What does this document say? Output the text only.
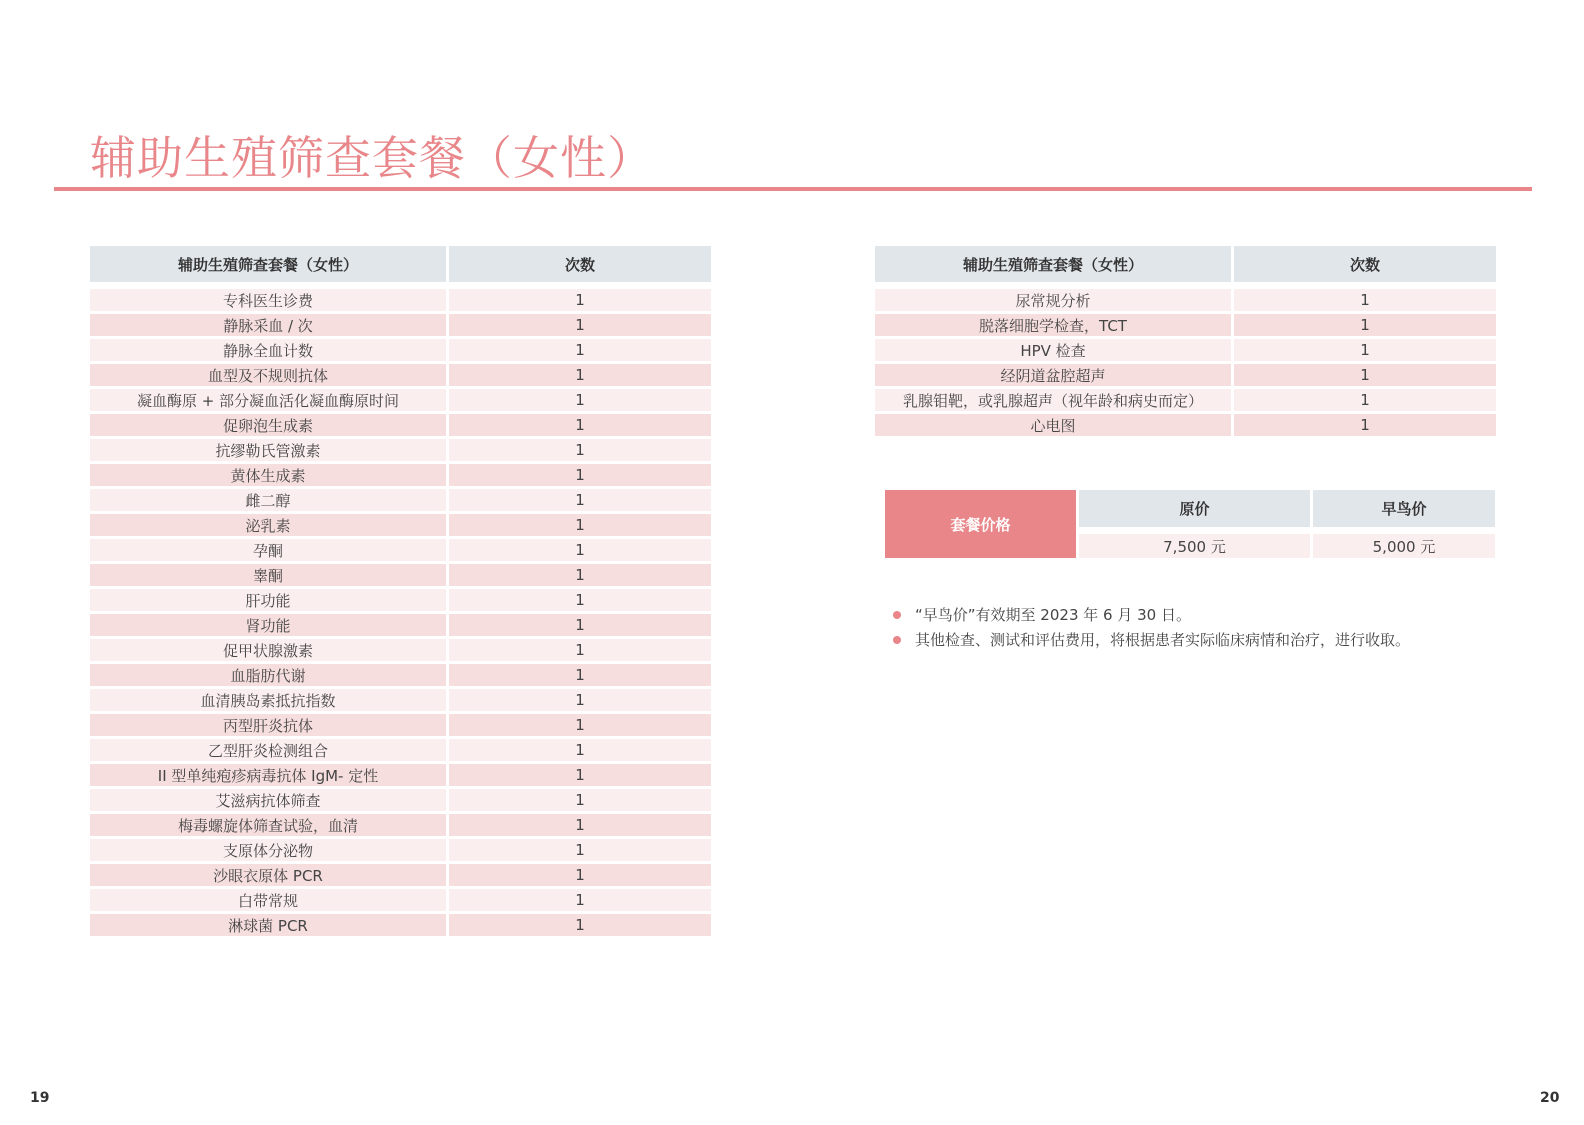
辅助生殖筛查套餐（女性）
辅助生殖筛查套餐（女性）	次数
专科医生诊费	1
静脉采血 / 次	1
静脉全血计数	1
血型及不规则抗体	1
凝血酶原 + 部分凝血活化凝血酶原时间	1
促卵泡生成素	1
抗缪勒氏管激素	1
黄体生成素	1
雌二醇	1
泌乳素	1
孕酮	1
睾酮	1
肝功能	1
肾功能	1
促甲状腺激素	1
血脂肪代谢	1
血清胰岛素抵抗指数	1
丙型肝炎抗体	1
乙型肝炎检测组合	1
II 型单纯疱疹病毒抗体 IgM- 定性	1
艾滋病抗体筛查	1
梅毒螺旋体筛查试验，血清	1
支原体分泌物	1
沙眼衣原体 PCR	1
白带常规	1
淋球菌 PCR	1
辅助生殖筛查套餐（女性）	次数
尿常规分析	1
脱落细胞学检查，TCT	1
HPV 检查	1
经阴道盆腔超声	1
乳腺钼靶，或乳腺超声（视年龄和病史而定）	1
心电图	1
套餐价格
原价	早鸟价
7,500 元	5,000 元
“早鸟价”有效期至 2023 年 6 月 30 日。
其他检查、测试和评估费用，将根据患者实际临床病情和治疗，进行收取。
19	20
